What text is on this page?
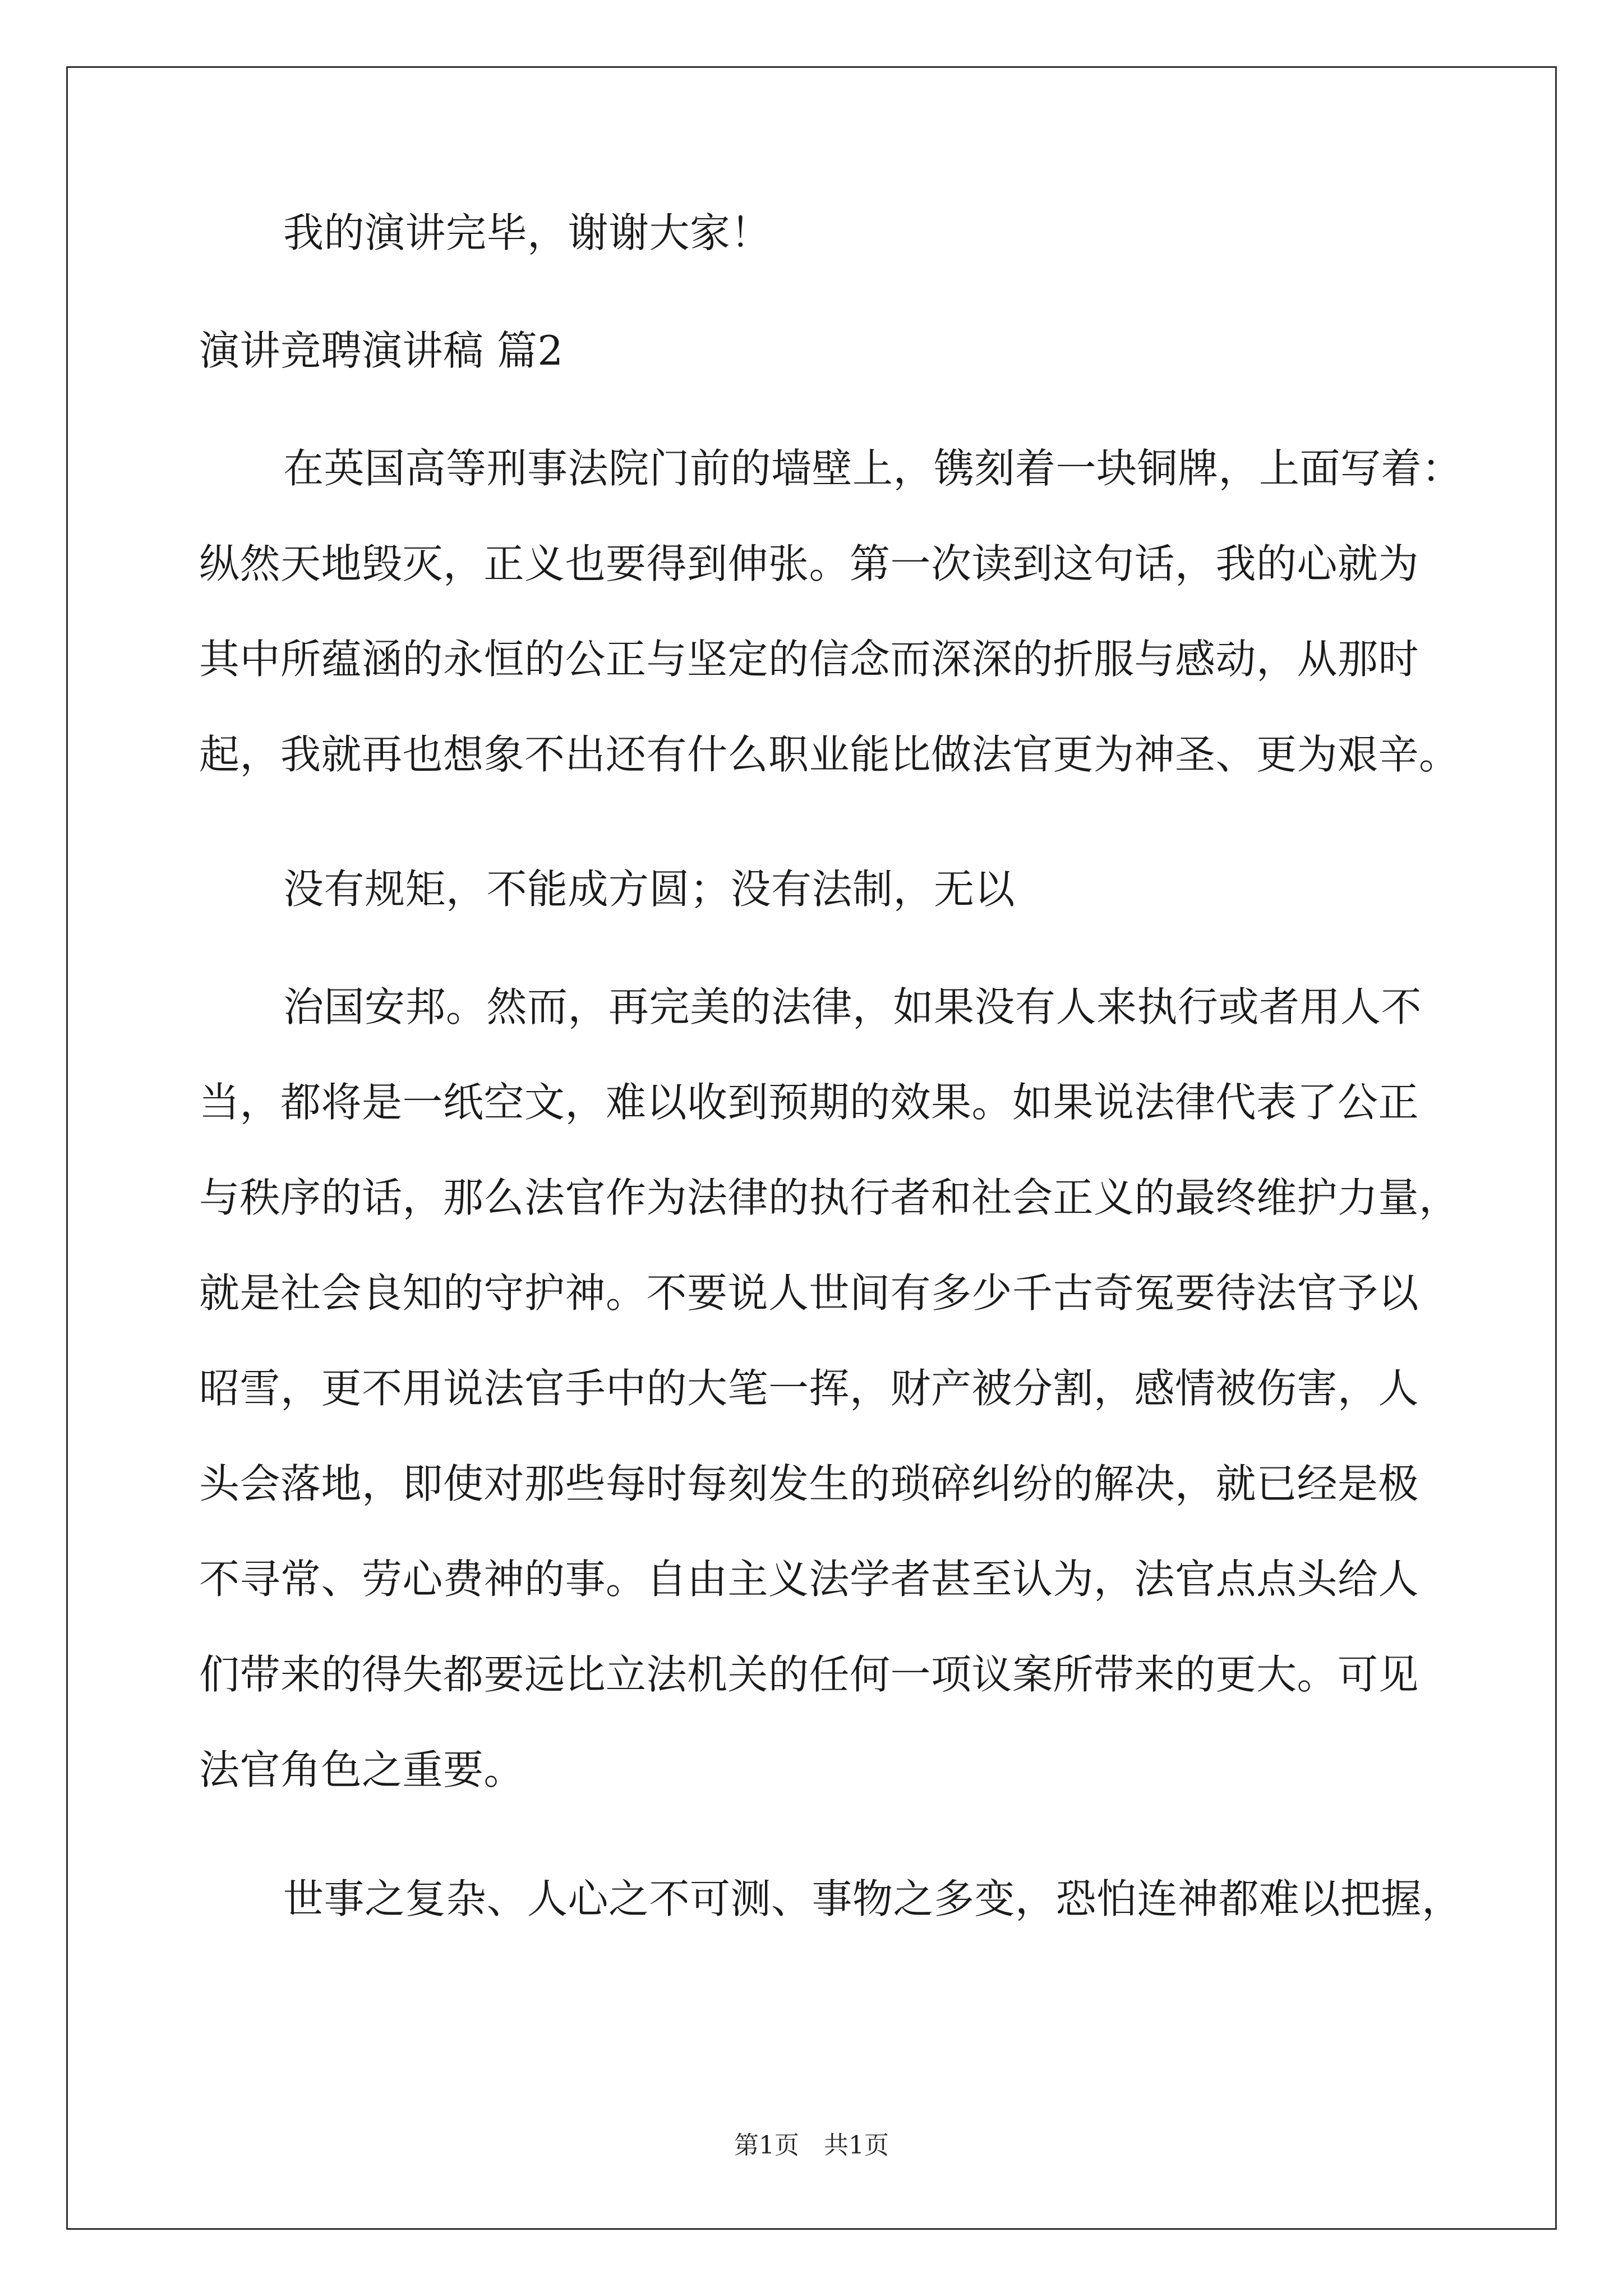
我的演讲完毕，谢谢大家！
演讲竞聘演讲稿 篇2
在英国高等刑事法院门前的墙壁上，镌刻着一块铜牌，上面写着：
纵然天地毁灭，正义也要得到伸张。第一次读到这句话，我的心就为
其中所蕴涵的永恒的公正与坚定的信念而深深的折服与感动，从那时
起，我就再也想象不出还有什么职业能比做法官更为神圣、更为艰辛。
没有规矩，不能成方圆；没有法制，无以
治国安邦。然而，再完美的法律，如果没有人来执行或者用人不
当，都将是一纸空文，难以收到预期的效果。如果说法律代表了公正
与秩序的话，那么法官作为法律的执行者和社会正义的最终维护力量，
就是社会良知的守护神。不要说人世间有多少千古奇冤要待法官予以
昭雪，更不用说法官手中的大笔一挥，财产被分割，感情被伤害，人
头会落地，即使对那些每时每刻发生的琐碎纠纷的解决，就已经是极
不寻常、劳心费神的事。自由主义法学者甚至认为，法官点点头给人
们带来的得失都要远比立法机关的任何一项议案所带来的更大。可见
法官角色之重要。
世事之复杂、人心之不可测、事物之多变，恐怕连神都难以把握，
第1页　共1页
